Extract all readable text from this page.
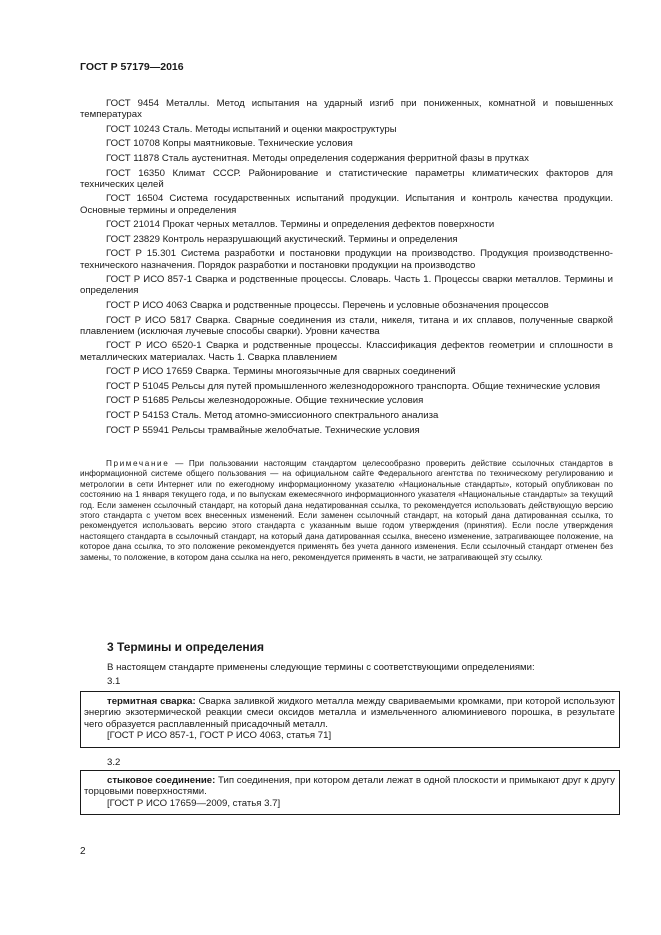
ГОСТ Р 57179—2016

ГОСТ 9454 Металлы. Метод испытания на ударный изгиб при пониженных, комнатной и повышенных температурах

ГОСТ 10243 Сталь. Методы испытаний и оценки макроструктуры

ГОСТ 10708 Копры маятниковые. Технические условия

ГОСТ 11878 Сталь аустенитная. Методы определения содержания ферритной фазы в прутках

ГОСТ 16350 Климат СССР. Районирование и статистические параметры климатических факторов для технических целей

ГОСТ 16504 Система государственных испытаний продукции. Испытания и контроль качества продукции. Основные термины и определения

ГОСТ 21014 Прокат черных металлов. Термины и определения дефектов поверхности

ГОСТ 23829 Контроль неразрушающий акустический. Термины и определения

ГОСТ Р 15.301 Система разработки и постановки продукции на производство. Продукция производственно-технического назначения. Порядок разработки и постановки продукции на производство

ГОСТ Р ИСО 857-1 Сварка и родственные процессы. Словарь. Часть 1. Процессы сварки металлов. Термины и определения

ГОСТ Р ИСО 4063 Сварка и родственные процессы. Перечень и условные обозначения процессов

ГОСТ Р ИСО 5817 Сварка. Сварные соединения из стали, никеля, титана и их сплавов, полученные сваркой плавлением (исключая лучевые способы сварки). Уровни качества

ГОСТ Р ИСО 6520-1 Сварка и родственные процессы. Классификация дефектов геометрии и сплошности в металлических материалах. Часть 1. Сварка плавлением

ГОСТ Р ИСО 17659 Сварка. Термины многоязычные для сварных соединений

ГОСТ Р 51045 Рельсы для путей промышленного железнодорожного транспорта. Общие технические условия

ГОСТ Р 51685 Рельсы железнодорожные. Общие технические условия

ГОСТ Р 54153 Сталь. Метод атомно-эмиссионного спектрального анализа

ГОСТ Р 55941 Рельсы трамвайные желобчатые. Технические условия

Примечание — При пользовании настоящим стандартом целесообразно проверить действие ссылочных стандартов в информационной системе общего пользования — на официальном сайте Федерального агентства по техническому регулированию и метрологии в сети Интернет или по ежегодному информационному указателю «Национальные стандарты», который опубликован по состоянию на 1 января текущего года, и по выпускам ежемесячного информационного указателя «Национальные стандарты» за текущий год. Если заменен ссылочный стандарт, на который дана недатированная ссылка, то рекомендуется использовать действующую версию этого стандарта с учетом всех внесенных изменений. Если заменен ссылочный стандарт, на который дана датированная ссылка, то рекомендуется использовать версию этого стандарта с указанным выше годом утверждения (принятия). Если после утверждения настоящего стандарта в ссылочный стандарт, на который дана датированная ссылка, внесено изменение, затрагивающее положение, на которое дана ссылка, то это положение рекомендуется применять без учета данного изменения. Если ссылочный стандарт отменен без замены, то положение, в котором дана ссылка на него, рекомендуется применять в части, не затрагивающей эту ссылку.

3 Термины и определения

В настоящем стандарте применены следующие термины с соответствующими определениями:

3.1

термитная сварка: Сварка заливкой жидкого металла между свариваемыми кромками, при которой используют энергию экзотермической реакции смеси оксидов металла и измельченного алюминиевого порошка, в результате чего образуется расплавленный присадочный металл.

[ГОСТ Р ИСО 857-1, ГОСТ Р ИСО 4063, статья 71]

3.2

стыковое соединение: Тип соединения, при котором детали лежат в одной плоскости и примыкают друг к другу торцовыми поверхностями.

[ГОСТ Р ИСО 17659—2009, статья 3.7]

2
